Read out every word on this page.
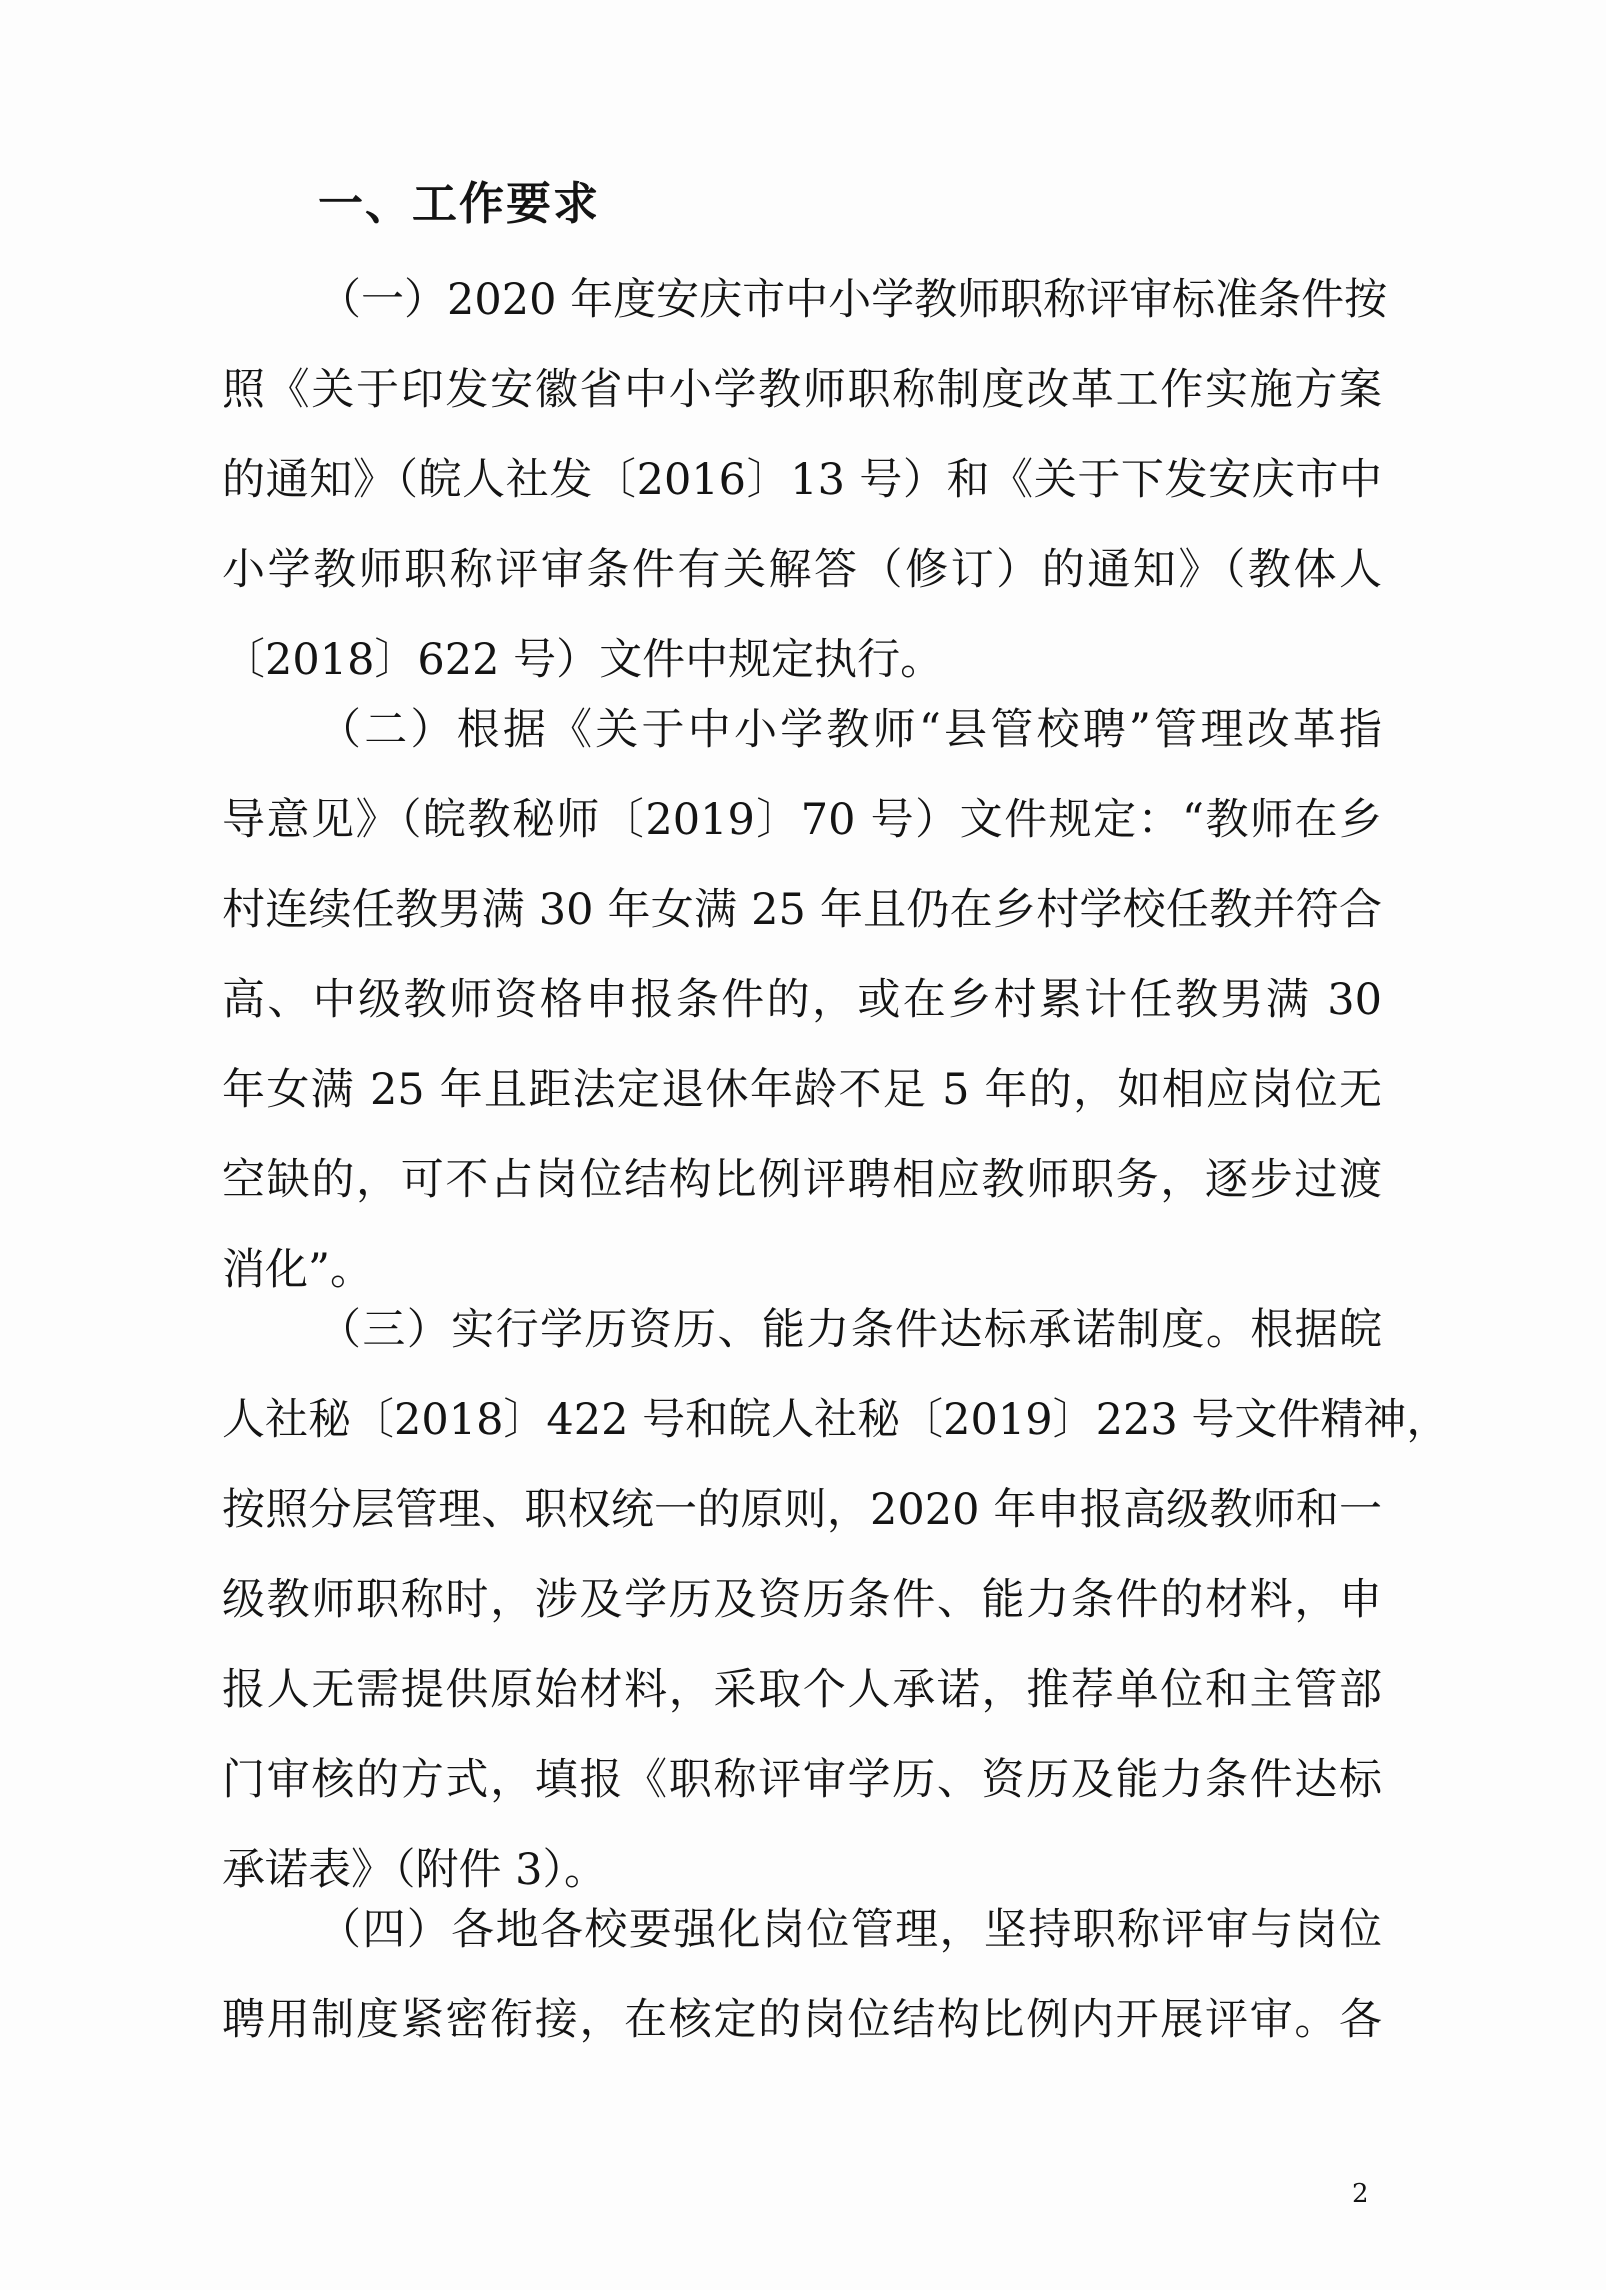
一、工作要求
（一）2020 年度安庆市中小学教师职称评审标准条件按
照《关于印发安徽省中小学教师职称制度改革工作实施方案
的通知》（皖人社发〔2016〕13 号）和《关于下发安庆市中
小学教师职称评审条件有关解答（修订）的通知》（教体人
〔2018〕622 号）文件中规定执行。
（二）根据《关于中小学教师“县管校聘”管理改革指
导意见》（皖教秘师〔2019〕70 号）文件规定：“教师在乡
村连续任教男满 30 年女满 25 年且仍在乡村学校任教并符合
高、中级教师资格申报条件的，或在乡村累计任教男满 30
年女满 25 年且距法定退休年龄不足 5 年的，如相应岗位无
空缺的，可不占岗位结构比例评聘相应教师职务，逐步过渡
消化”。
（三）实行学历资历、能力条件达标承诺制度。根据皖
人社秘〔2018〕422 号和皖人社秘〔2019〕223 号文件精神，
按照分层管理、职权统一的原则，2020 年申报高级教师和一
级教师职称时，涉及学历及资历条件、能力条件的材料，申
报人无需提供原始材料，采取个人承诺，推荐单位和主管部
门审核的方式，填报《职称评审学历、资历及能力条件达标
承诺表》（附件 3）。
（四）各地各校要强化岗位管理，坚持职称评审与岗位
聘用制度紧密衔接，在核定的岗位结构比例内开展评审。各
2
